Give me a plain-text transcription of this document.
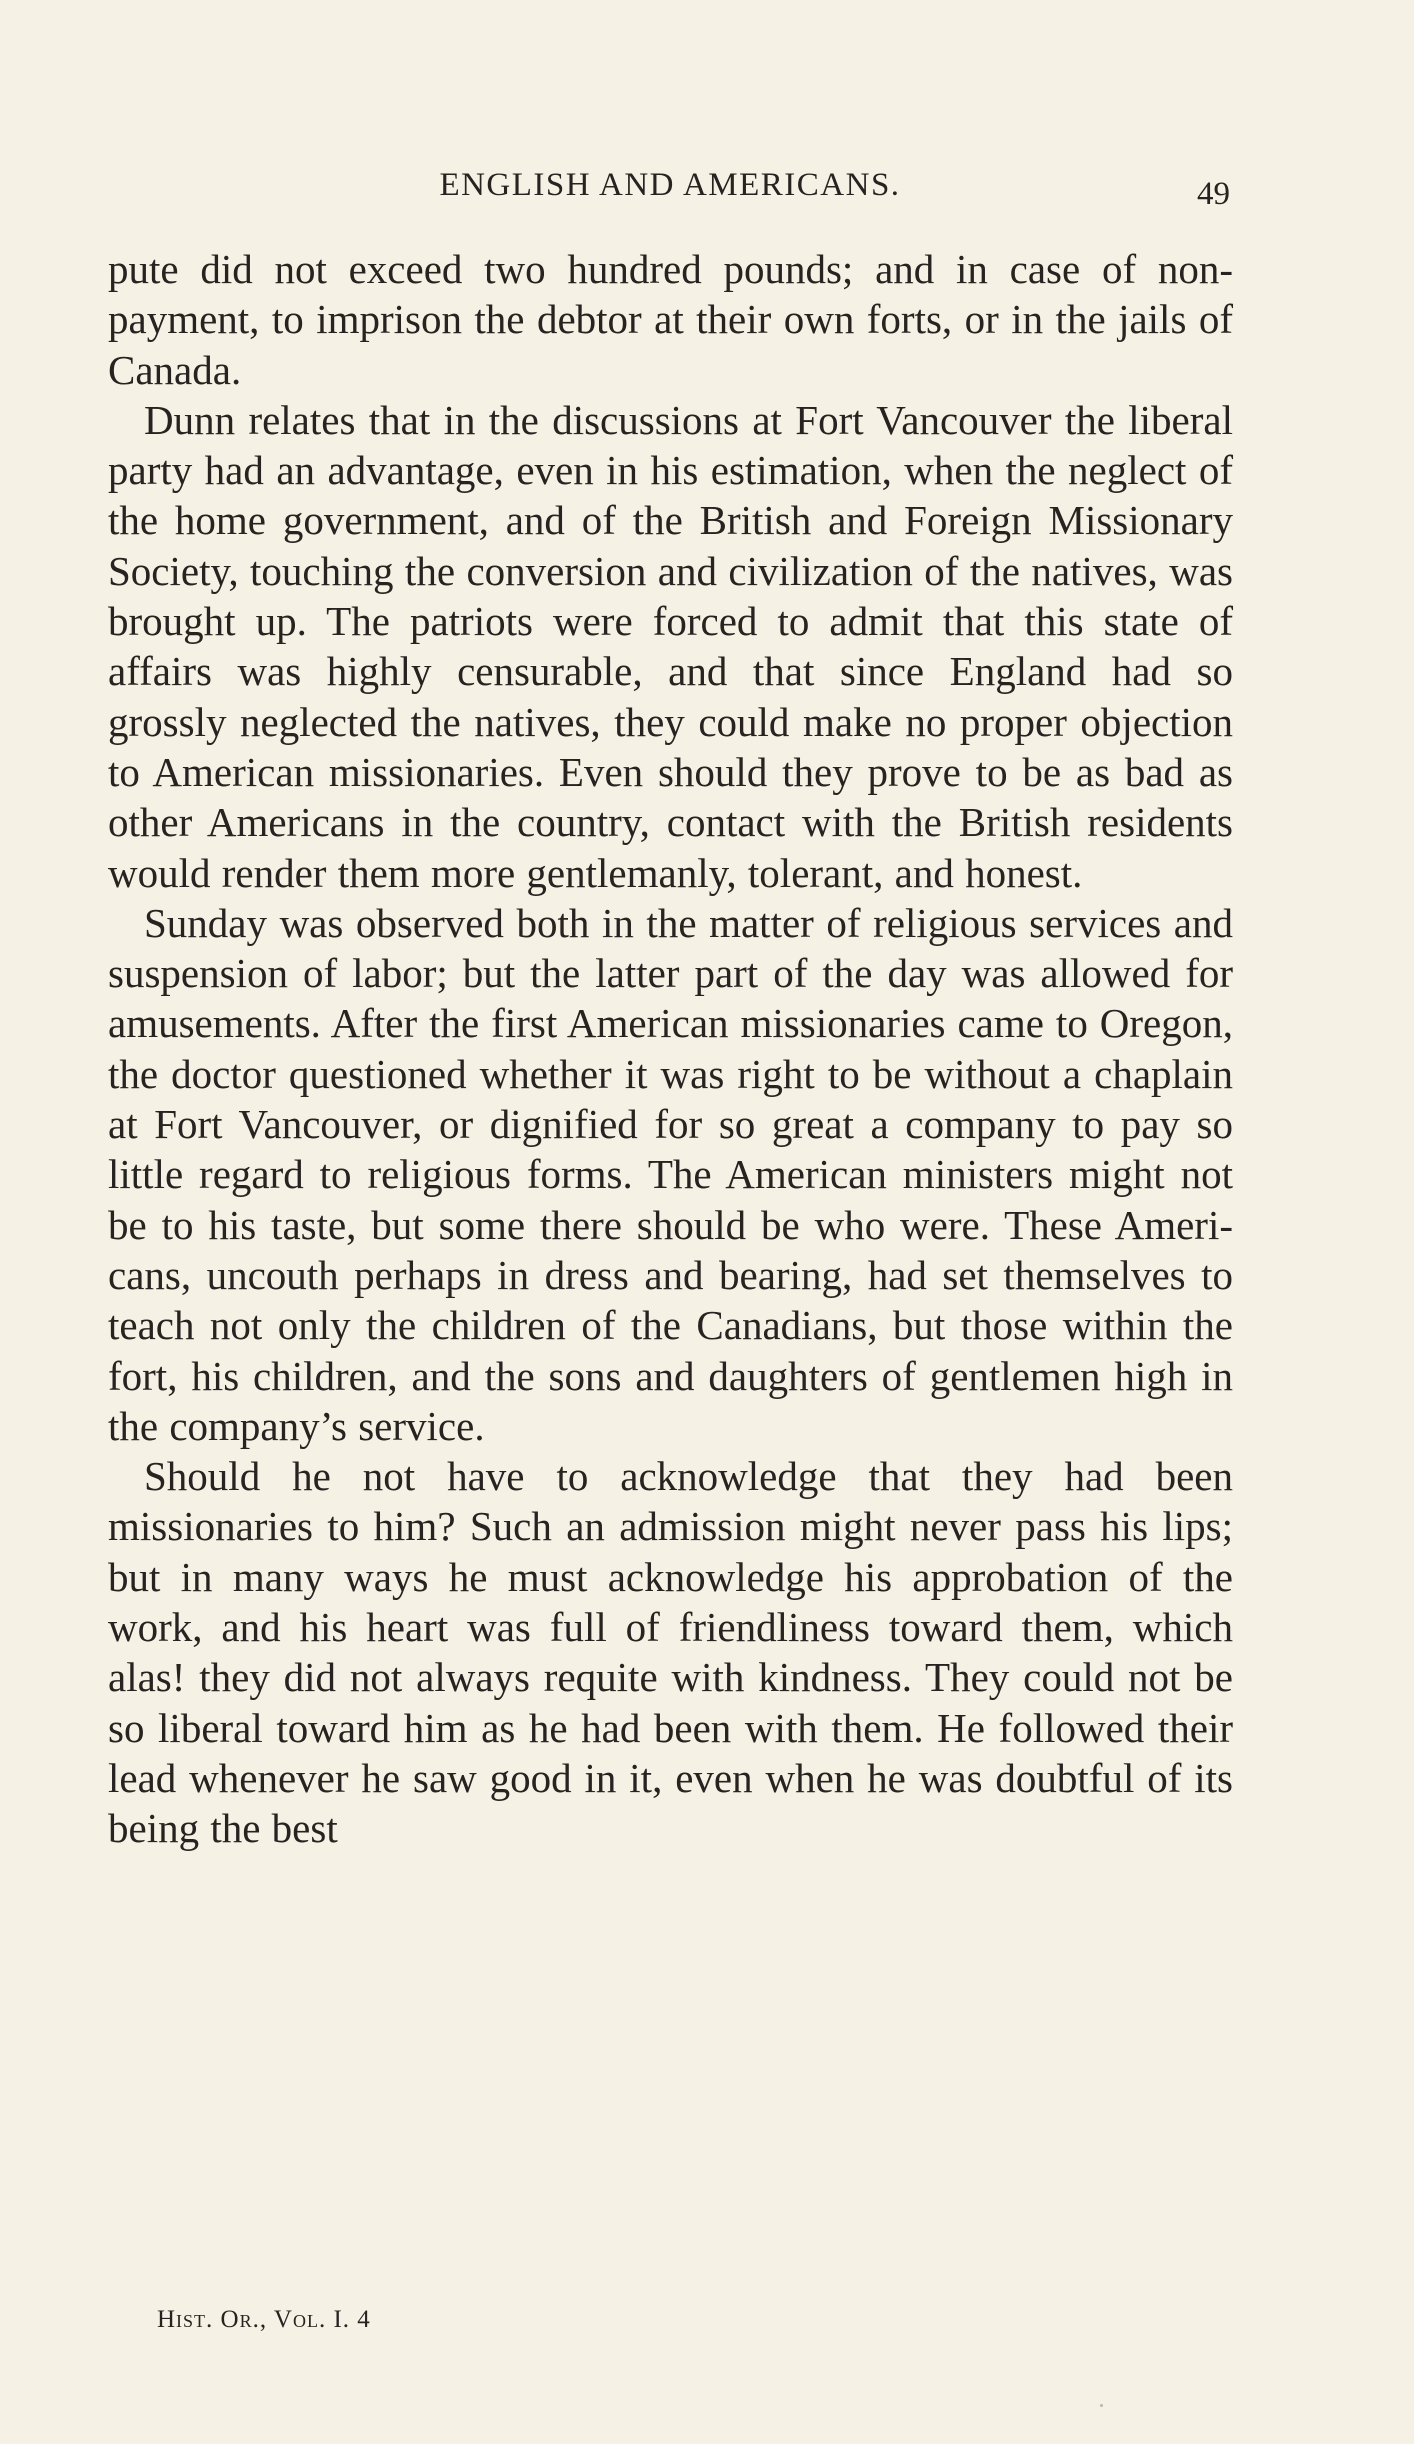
ENGLISH AND AMERICANS.	49

pute did not exceed two hundred pounds; and in case of non-payment, to imprison the debtor at their own forts, or in the jails of Canada.

Dunn relates that in the discussions at Fort Vancouver the liberal party had an advantage, even in his estimation, when the neglect of the home government, and of the British and Foreign Missionary Society, touching the conversion and civilization of the natives, was brought up. The patriots were forced to admit that this state of affairs was highly censurable, and that since England had so grossly neglected the natives, they could make no proper objection to American missionaries. Even should they prove to be as bad as other Americans in the country, contact with the British residents would render them more gentlemanly, tolerant, and honest.

Sunday was observed both in the matter of religious services and suspension of labor; but the latter part of the day was allowed for amusements. After the first American missionaries came to Oregon, the doctor questioned whether it was right to be without a chaplain at Fort Vancouver, or dignified for so great a company to pay so little regard to religious forms. The American ministers might not be to his taste, but some there should be who were. These Americans, uncouth perhaps in dress and bearing, had set themselves to teach not only the children of the Canadians, but those within the fort, his children, and the sons and daughters of gentlemen high in the company’s service.

Should he not have to acknowledge that they had been missionaries to him? Such an admission might never pass his lips; but in many ways he must acknowledge his approbation of the work, and his heart was full of friendliness toward them, which alas! they did not always requite with kindness. They could not be so liberal toward him as he had been with them. He followed their lead whenever he saw good in it, even when he was doubtful of its being the best

Hist. Or., Vol. I. 4
